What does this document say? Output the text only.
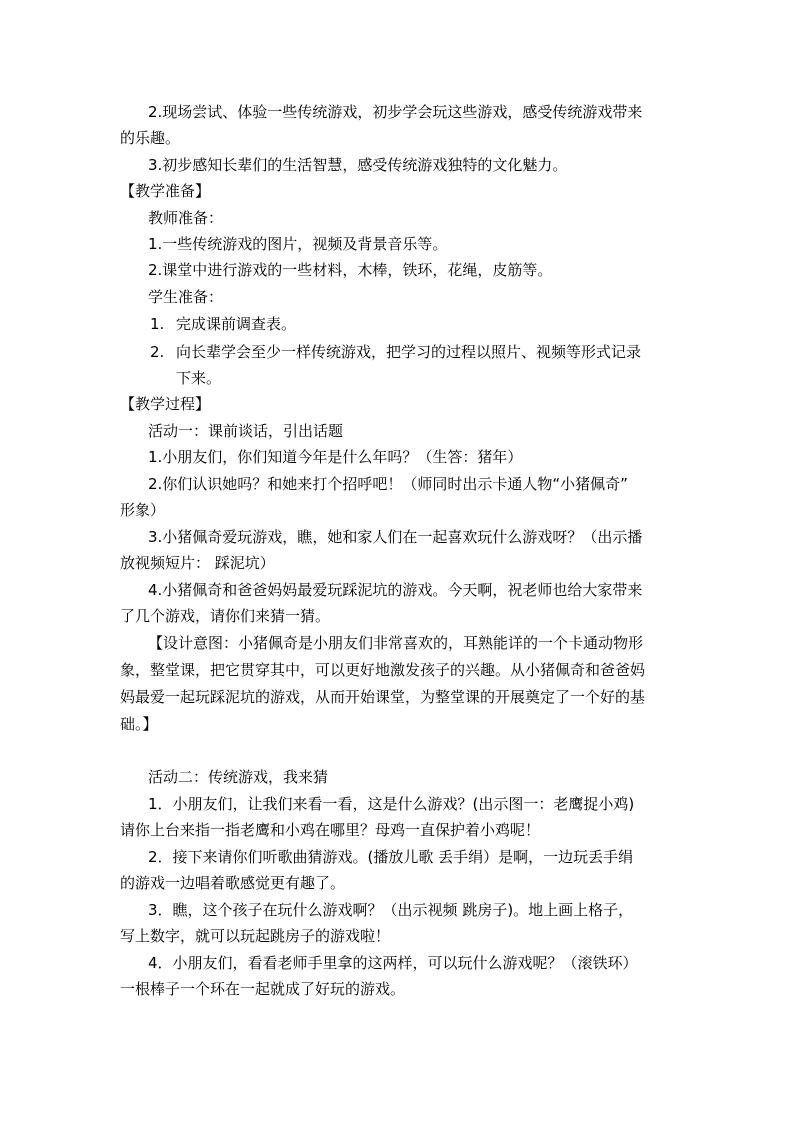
2.现场尝试、体验一些传统游戏，初步学会玩这些游戏，感受传统游戏带来
的乐趣。
3.初步感知长辈们的生活智慧，感受传统游戏独特的文化魅力。
【教学准备】
教师准备：
1.一些传统游戏的图片，视频及背景音乐等。
2.课堂中进行游戏的一些材料，木棒，铁环，花绳，皮筋等。
学生准备：
1. 完成课前调查表。
2. 向长辈学会至少一样传统游戏，把学习的过程以照片、视频等形式记录
下来。
【教学过程】
活动一：课前谈话，引出话题
1.小朋友们，你们知道今年是什么年吗？（生答：猪年）
2.你们认识她吗？和她来打个招呼吧！（师同时出示卡通人物“小猪佩奇”
形象）
3.小猪佩奇爱玩游戏，瞧，她和家人们在一起喜欢玩什么游戏呀？（出示播
放视频短片： 踩泥坑）
4.小猪佩奇和爸爸妈妈最爱玩踩泥坑的游戏。今天啊，祝老师也给大家带来
了几个游戏，请你们来猜一猜。
【设计意图：小猪佩奇是小朋友们非常喜欢的，耳熟能详的一个卡通动物形
象，整堂课，把它贯穿其中，可以更好地激发孩子的兴趣。从小猪佩奇和爸爸妈
妈最爱一起玩踩泥坑的游戏，从而开始课堂，为整堂课的开展奠定了一个好的基
础。】
活动二：传统游戏，我来猜
1．小朋友们，让我们来看一看，这是什么游戏？(出示图一：老鹰捉小鸡)
请你上台来指一指老鹰和小鸡在哪里？母鸡一直保护着小鸡呢！
2．接下来请你们听歌曲猜游戏。(播放儿歌 丢手绢）是啊，一边玩丢手绢
的游戏一边唱着歌感觉更有趣了。
3．瞧，这个孩子在玩什么游戏啊？（出示视频 跳房子)。地上画上格子，
写上数字，就可以玩起跳房子的游戏啦！
4．小朋友们，看看老师手里拿的这两样，可以玩什么游戏呢？（滚铁环）
一根棒子一个环在一起就成了好玩的游戏。
